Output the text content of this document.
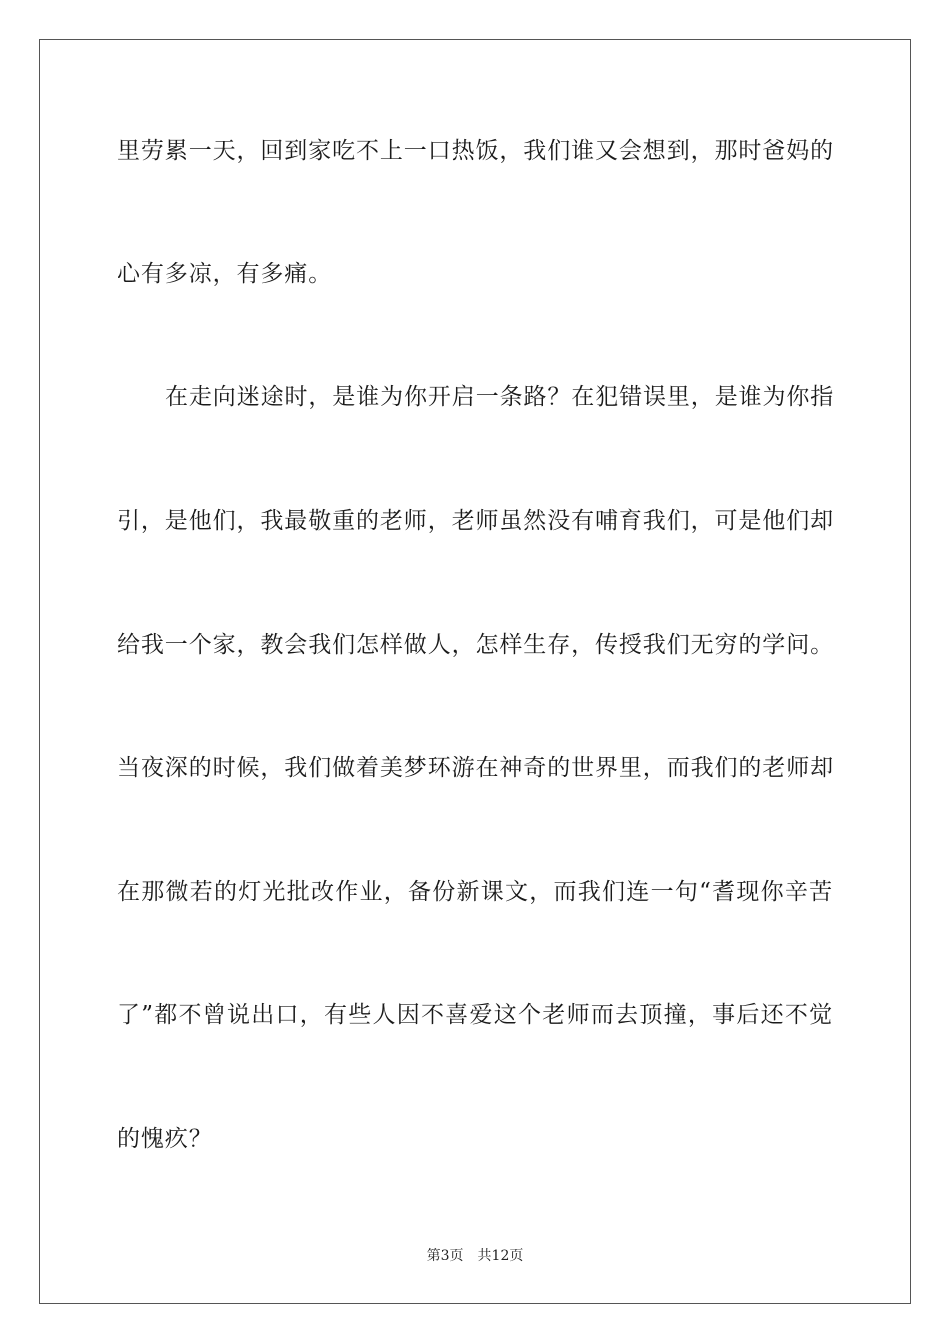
里劳累一天，回到家吃不上一口热饭，我们谁又会想到，那时爸妈的
心有多凉，有多痛。
在走向迷途时，是谁为你开启一条路？在犯错误里，是谁为你指
引，是他们，我最敬重的老师，老师虽然没有哺育我们，可是他们却
给我一个家，教会我们怎样做人，怎样生存，传授我们无穷的学问。
当夜深的时候，我们做着美梦环游在神奇的世界里，而我们的老师却
在那微若的灯光批改作业，备份新课文，而我们连一句“耆现你辛苦
了”都不曾说出口，有些人因不喜爱这个老师而去顶撞，事后还不觉
的愧疚？
第3页 共12页
